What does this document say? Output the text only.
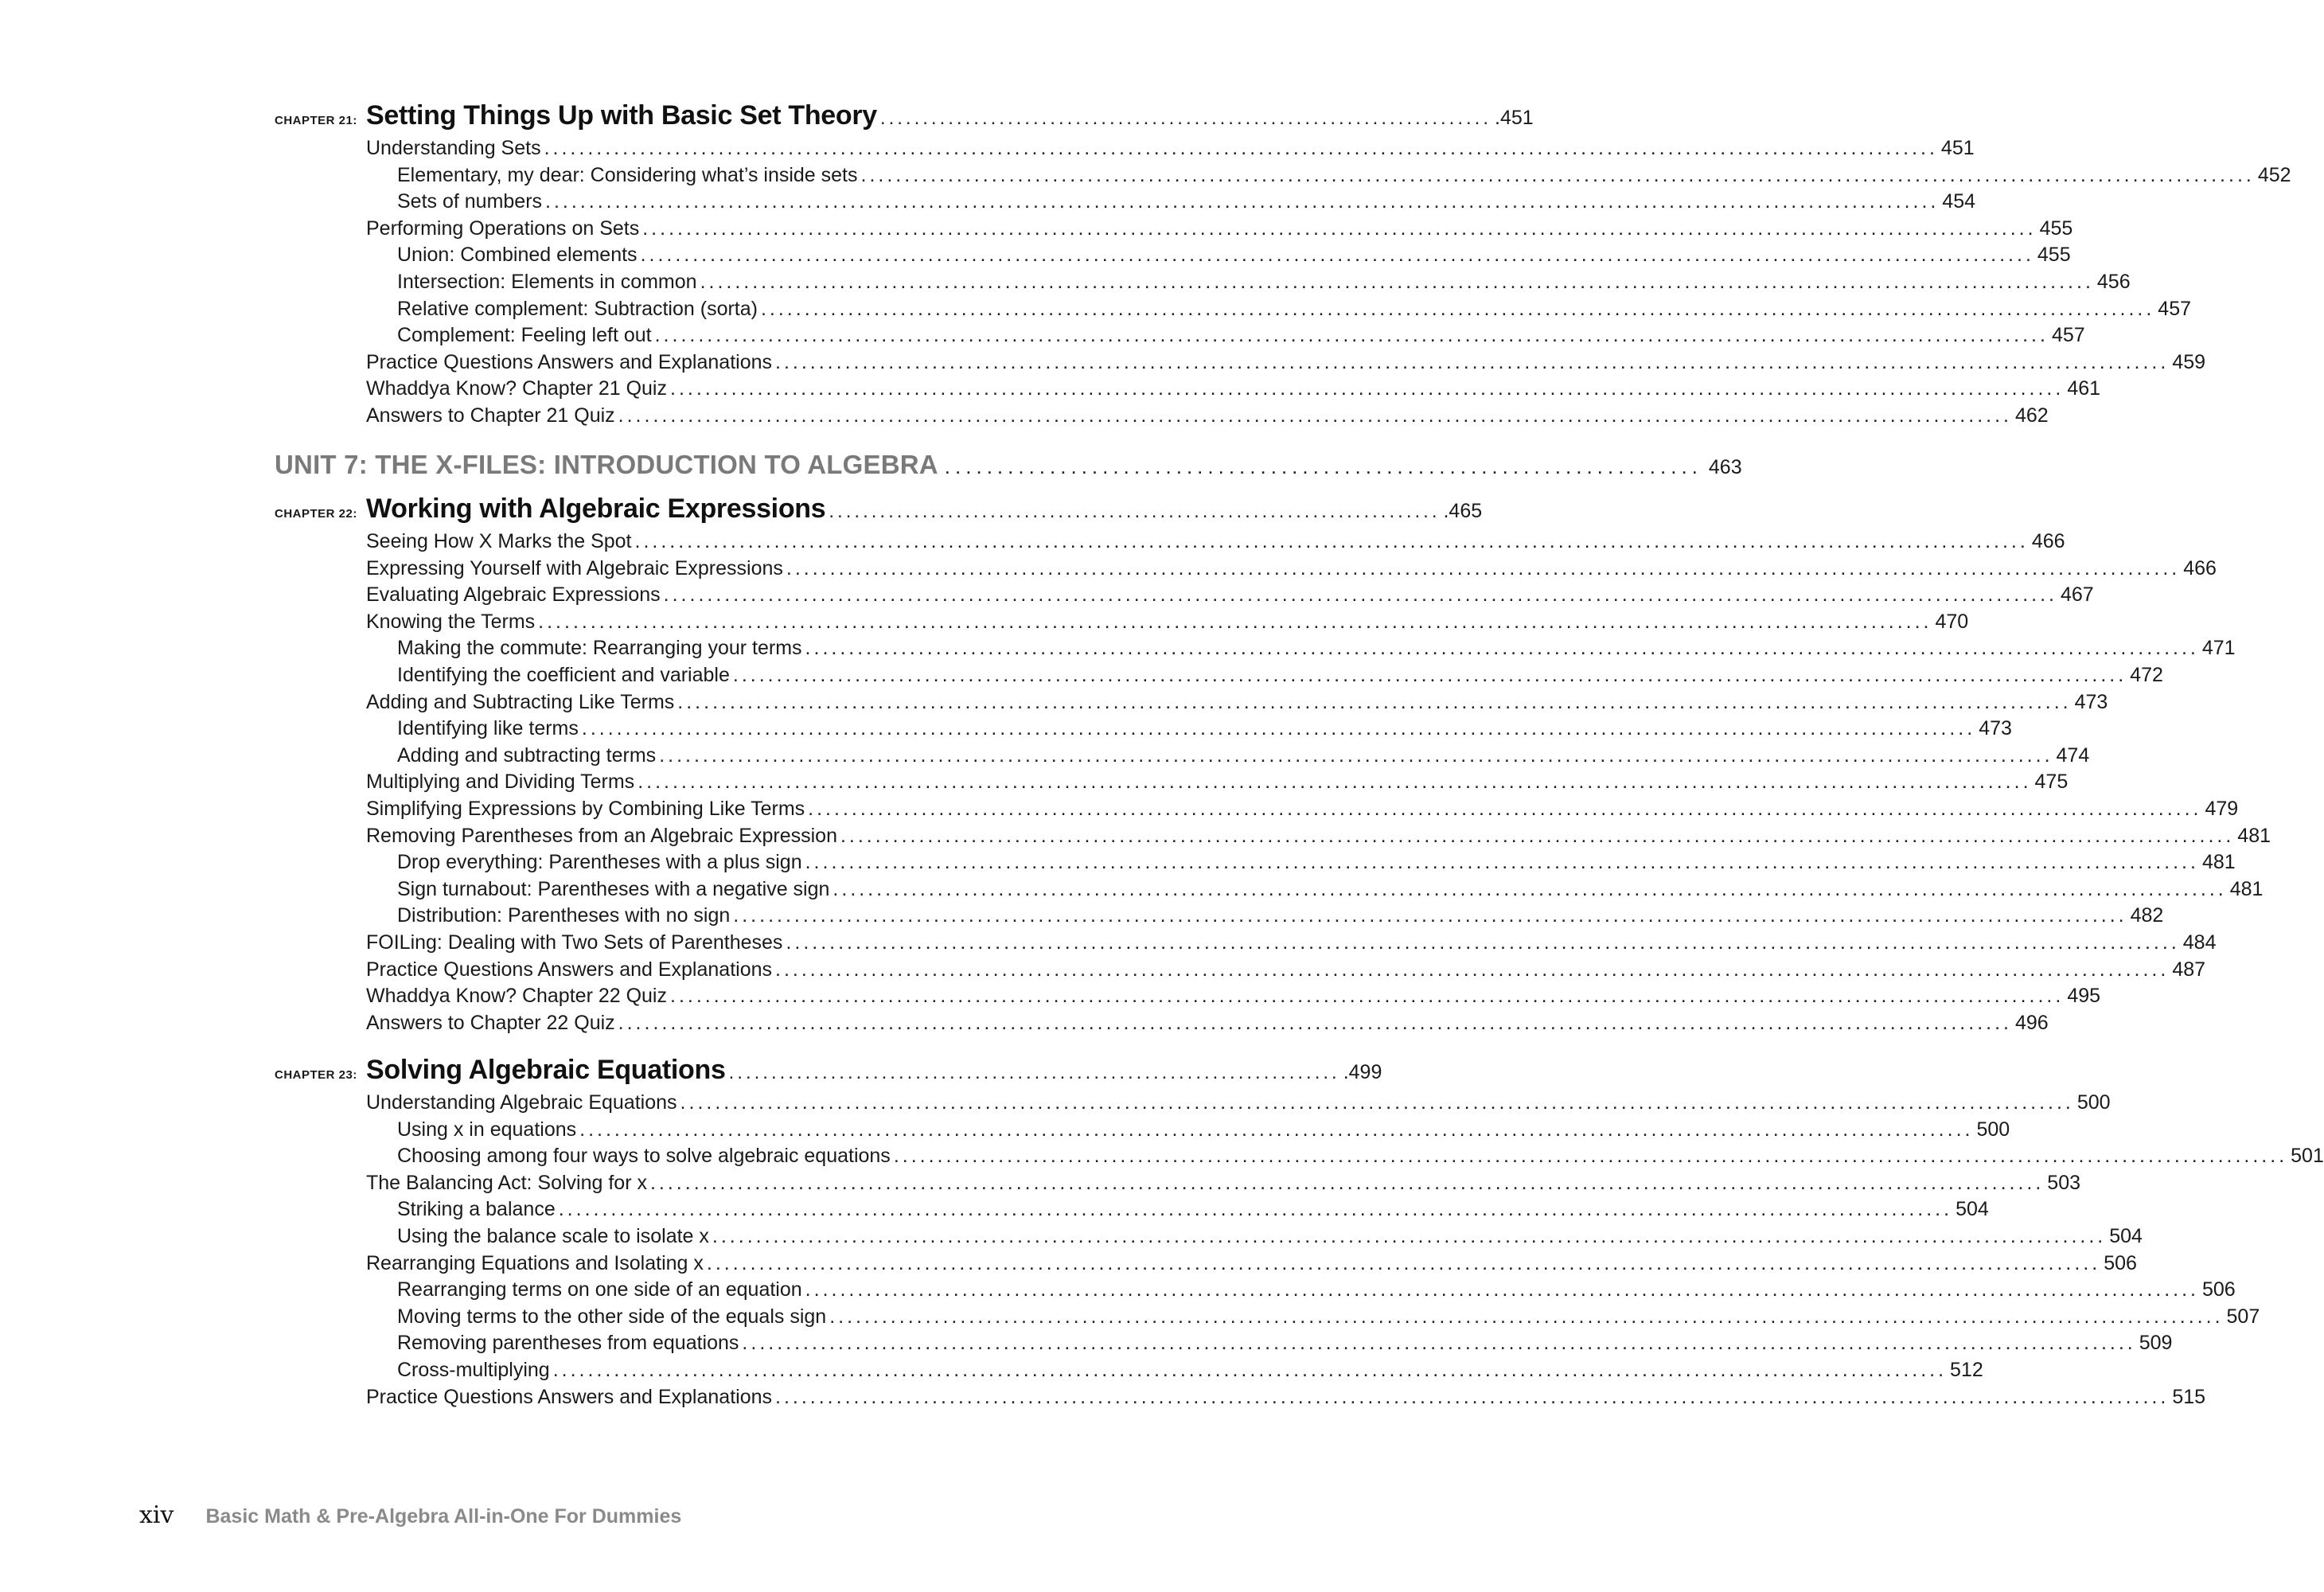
CHAPTER 21: Setting Things Up with Basic Set Theory ........................................................................ .451
Understanding Sets ................................................................................................................................................................ 451
Elementary, my dear: Considering what’s inside sets ................................................................................................................................................................ 452
Sets of numbers ................................................................................................................................................................ 454
Performing Operations on Sets ................................................................................................................................................................ 455
Union: Combined elements ................................................................................................................................................................ 455
Intersection: Elements in common ................................................................................................................................................................ 456
Relative complement: Subtraction (sorta) ................................................................................................................................................................ 457
Complement: Feeling left out ................................................................................................................................................................ 457
Practice Questions Answers and Explanations ................................................................................................................................................................ 459
Whaddya Know? Chapter 21 Quiz ................................................................................................................................................................ 461
Answers to Chapter 21 Quiz ................................................................................................................................................................ 462
UNIT 7: THE X-FILES: INTRODUCTION TO ALGEBRA ........................................................................ 463
CHAPTER 22: Working with Algebraic Expressions ........................................................................ .465
Seeing How X Marks the Spot ................................................................................................................................................................ 466
Expressing Yourself with Algebraic Expressions ................................................................................................................................................................ 466
Evaluating Algebraic Expressions ................................................................................................................................................................ 467
Knowing the Terms ................................................................................................................................................................ 470
Making the commute: Rearranging your terms ................................................................................................................................................................ 471
Identifying the coefficient and variable ................................................................................................................................................................ 472
Adding and Subtracting Like Terms ................................................................................................................................................................ 473
Identifying like terms ................................................................................................................................................................ 473
Adding and subtracting terms ................................................................................................................................................................ 474
Multiplying and Dividing Terms ................................................................................................................................................................ 475
Simplifying Expressions by Combining Like Terms ................................................................................................................................................................ 479
Removing Parentheses from an Algebraic Expression ................................................................................................................................................................ 481
Drop everything: Parentheses with a plus sign ................................................................................................................................................................ 481
Sign turnabout: Parentheses with a negative sign ................................................................................................................................................................ 481
Distribution: Parentheses with no sign ................................................................................................................................................................ 482
FOILing: Dealing with Two Sets of Parentheses ................................................................................................................................................................ 484
Practice Questions Answers and Explanations ................................................................................................................................................................ 487
Whaddya Know? Chapter 22 Quiz ................................................................................................................................................................ 495
Answers to Chapter 22 Quiz ................................................................................................................................................................ 496
CHAPTER 23: Solving Algebraic Equations ........................................................................ .499
Understanding Algebraic Equations ................................................................................................................................................................ 500
Using x in equations ................................................................................................................................................................ 500
Choosing among four ways to solve algebraic equations ................................................................................................................................................................ 501
The Balancing Act: Solving for x ................................................................................................................................................................ 503
Striking a balance ................................................................................................................................................................ 504
Using the balance scale to isolate x ................................................................................................................................................................ 504
Rearranging Equations and Isolating x ................................................................................................................................................................ 506
Rearranging terms on one side of an equation ................................................................................................................................................................ 506
Moving terms to the other side of the equals sign ................................................................................................................................................................ 507
Removing parentheses from equations ................................................................................................................................................................ 509
Cross-multiplying ................................................................................................................................................................ 512
Practice Questions Answers and Explanations ................................................................................................................................................................ 515
xiv Basic Math & Pre-Algebra All-in-One For Dummies
